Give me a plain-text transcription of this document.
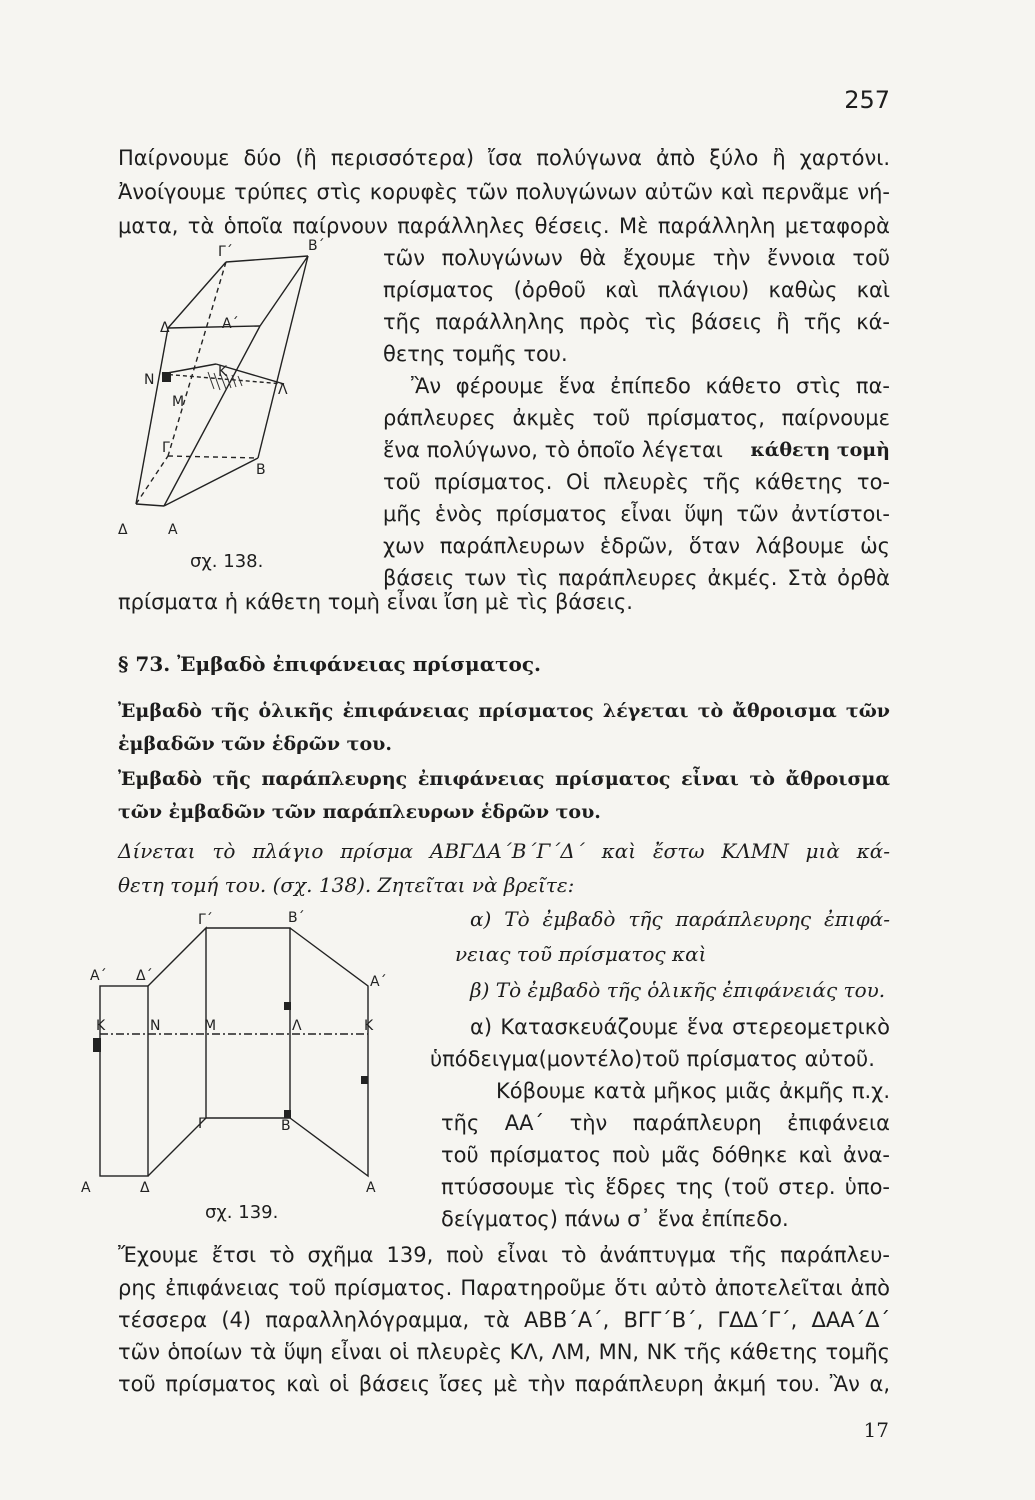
257
Παίρνουμε δύο (ἢ περισσότερα) ἴσα πολύγωνα ἀπὸ ξύλο ἢ χαρτόνι.
Ἀνοίγουμε τρύπες στὶς κορυφὲς τῶν πολυγώνων αὐτῶν καὶ περνᾶμε νή-
ματα, τὰ ὁποῖα παίρνουν παράλληλες θέσεις. Μὲ παράλληλη μεταφορὰ
τῶν πολυγώνων θὰ ἔχουμε τὴν ἔννοια τοῦ
πρίσματος (ὀρθοῦ καὶ πλάγιου) καθὼς καὶ
τῆς παράλληλης πρὸς τὶς βάσεις ἢ τῆς κά-
θετης τομῆς του.
Ἂν φέρουμε ἕνα ἐπίπεδο κάθετο στὶς πα-
ράπλευρες ἀκμὲς τοῦ πρίσματος, παίρνουμε
ἕνα πολύγωνο, τὸ ὁποῖο λέγεται κάθετη τομὴ
τοῦ πρίσματος. Οἱ πλευρὲς τῆς κάθετης το-
μῆς ἑνὸς πρίσματος εἶναι ὕψη τῶν ἀντίστοι-
χων παράπλευρων ἑδρῶν, ὅταν λάβουμε ὡς
βάσεις των τὶς παράπλευρες ἀκμές. Στὰ ὀρθὰ
Γ΄	Β΄
Δ΄	Α΄
Ν	Κ
Μ
Λ
Γ
Β
Δ	Α
σχ. 138.
πρίσματα ἡ κάθετη τομὴ εἶναι ἴση μὲ τὶς βάσεις.
§ 73. Ἐμβαδὸ ἐπιφάνειας πρίσματος.
Ἐμβαδὸ τῆς ὁλικῆς ἐπιφάνειας πρίσματος λέγεται τὸ ἄθροισμα τῶν
ἐμβαδῶν τῶν ἑδρῶν του.
Ἐμβαδὸ τῆς παράπλευρης ἐπιφάνειας πρίσματος εἶναι τὸ ἄθροισμα
τῶν ἐμβαδῶν τῶν παράπλευρων ἑδρῶν του.
Δίνεται τὸ πλάγιο πρίσμα ΑΒΓΔΑ΄Β΄Γ΄Δ΄ καὶ ἔστω ΚΛΜΝ μιὰ κά-
θετη τομή του. (σχ. 138). Ζητεῖται νὰ βρεῖτε:
α) Τὸ ἐμβαδὸ τῆς παράπλευρης ἐπιφά-
νειας τοῦ πρίσματος καὶ
β) Τὸ ἐμβαδὸ τῆς ὁλικῆς ἐπιφάνειάς του.
α) Κατασκευάζουμε ἕνα στερεομετρικὸ
ὑπόδειγμα(μοντέλο)τοῦ πρίσματος αὐτοῦ.
Κόβουμε κατὰ μῆκος μιᾶς ἀκμῆς π.χ.
τῆς ΑΑ΄ τὴν παράπλευρη ἐπιφάνεια
τοῦ πρίσματος ποὺ μᾶς δόθηκε καὶ ἀνα-
πτύσσουμε τὶς ἕδρες της (τοῦ στερ. ὑπο-
δείγματος) πάνω σ᾽ ἕνα ἐπίπεδο.
Γ΄	Β΄
Α΄ Δ΄	Α΄
Κ	Ν	Μ	Λ	Κ
Γ	Β
Α	Δ	Α
σχ. 139.
Ἔχουμε ἔτσι τὸ σχῆμα 139, ποὺ εἶναι τὸ ἀνάπτυγμα τῆς παράπλευ-
ρης ἐπιφάνειας τοῦ πρίσματος. Παρατηροῦμε ὅτι αὐτὸ ἀποτελεῖται ἀπὸ
τέσσερα (4) παραλληλόγραμμα, τὰ ΑΒΒ΄Α΄, ΒΓΓ΄Β΄, ΓΔΔ΄Γ΄, ΔΑΑ΄Δ΄
τῶν ὁποίων τὰ ὕψη εἶναι οἱ πλευρὲς ΚΛ, ΛΜ, ΜΝ, ΝΚ τῆς κάθετης τομῆς
τοῦ πρίσματος καὶ οἱ βάσεις ἴσες μὲ τὴν παράπλευρη ἀκμή του. Ἂν α,
17
